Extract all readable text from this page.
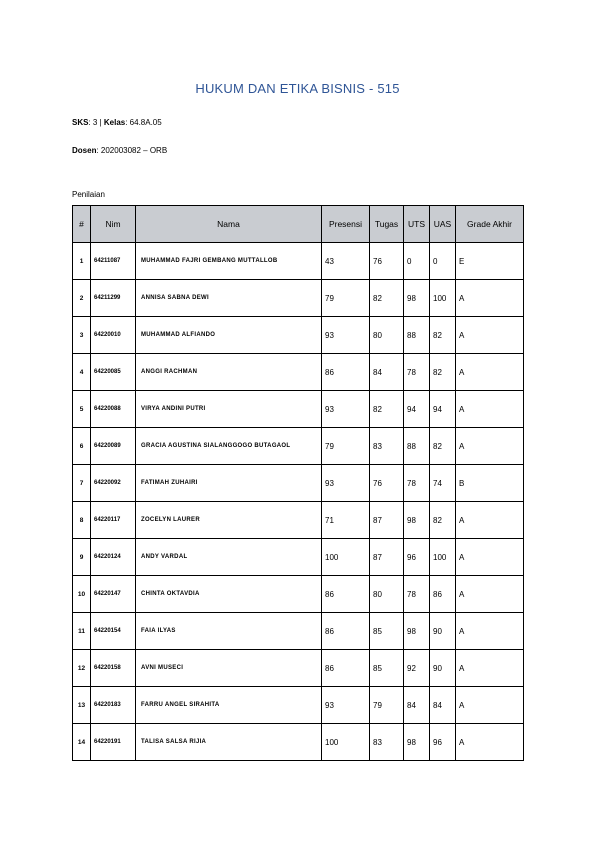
HUKUM DAN ETIKA BISNIS - 515
SKS: 3 | Kelas: 64.8A.05
Dosen: 202003082 – ORB
Penilaian
#	Nim	Nama	Presensi	Tugas	UTS	UAS	Grade Akhir
1	64211087	MUHAMMAD FAJRI GEMBANG MUTTALLOB	43	76	0	0	E
2	64211299	ANNISA SABNA DEWI	79	82	98	100	A
3	64220010	MUHAMMAD ALFIANDO	93	80	88	82	A
4	64220085	ANGGI RACHMAN	86	84	78	82	A
5	64220088	VIRYA ANDINI PUTRI	93	82	94	94	A
6	64220089	GRACIA AGUSTINA SIALANGGOGO BUTAGAOL	79	83	88	82	A
7	64220092	FATIMAH ZUHAIRI	93	76	78	74	B
8	64220117	ZOCELYN LAURER	71	87	98	82	A
9	64220124	ANDY VARDAL	100	87	96	100	A
10	64220147	CHINTA OKTAVDIA	86	80	78	86	A
11	64220154	FAIA ILYAS	86	85	98	90	A
12	64220158	AVNI MUSECI	86	85	92	90	A
13	64220183	FARRU ANGEL SIRAHITA	93	79	84	84	A
14	64220191	TALISA SALSA RIJIA	100	83	98	96	A
